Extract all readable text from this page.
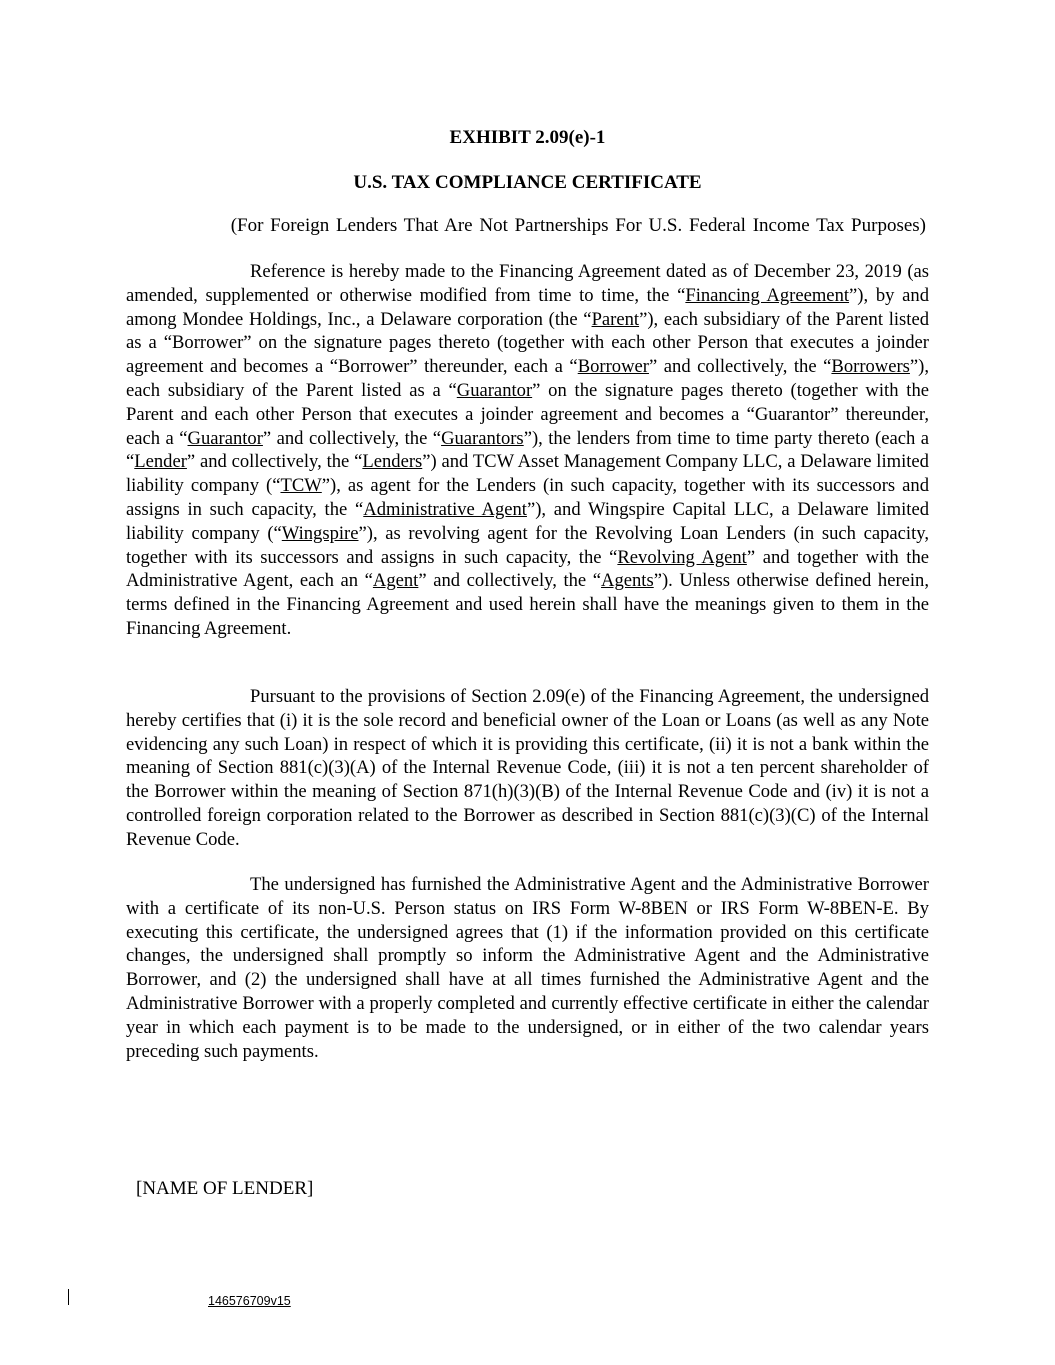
EXHIBIT 2.09(e)-1
U.S. TAX COMPLIANCE CERTIFICATE
(For Foreign Lenders That Are Not Partnerships For U.S. Federal Income Tax Purposes)
Reference is hereby made to the Financing Agreement dated as of December 23, 2019 (as amended, supplemented or otherwise modified from time to time, the “Financing Agreement”), by and among Mondee Holdings, Inc., a Delaware corporation (the “Parent”), each subsidiary of the Parent listed as a “Borrower” on the signature pages thereto (together with each other Person that executes a joinder agreement and becomes a “Borrower” thereunder, each a “Borrower” and collectively, the “Borrowers”), each subsidiary of the Parent listed as a “Guarantor” on the signature pages thereto (together with the Parent and each other Person that executes a joinder agreement and becomes a “Guarantor” thereunder, each a “Guarantor” and collectively, the “Guarantors”), the lenders from time to time party thereto (each a “Lender” and collectively, the “Lenders”) and TCW Asset Management Company LLC, a Delaware limited liability company (“TCW”), as agent for the Lenders (in such capacity, together with its successors and assigns in such capacity, the “Administrative Agent”), and Wingspire Capital LLC, a Delaware limited liability company (“Wingspire”), as revolving agent for the Revolving Loan Lenders (in such capacity, together with its successors and assigns in such capacity, the “Revolving Agent” and together with the Administrative Agent, each an “Agent” and collectively, the “Agents”). Unless otherwise defined herein, terms defined in the Financing Agreement and used herein shall have the meanings given to them in the Financing Agreement.
Pursuant to the provisions of Section 2.09(e) of the Financing Agreement, the undersigned hereby certifies that (i) it is the sole record and beneficial owner of the Loan or Loans (as well as any Note evidencing any such Loan) in respect of which it is providing this certificate, (ii) it is not a bank within the meaning of Section 881(c)(3)(A) of the Internal Revenue Code, (iii) it is not a ten percent shareholder of the Borrower within the meaning of Section 871(h)(3)(B) of the Internal Revenue Code and (iv) it is not a controlled foreign corporation related to the Borrower as described in Section 881(c)(3)(C) of the Internal Revenue Code.
The undersigned has furnished the Administrative Agent and the Administrative Borrower with a certificate of its non-U.S. Person status on IRS Form W-8BEN or IRS Form W-8BEN-E. By executing this certificate, the undersigned agrees that (1) if the information provided on this certificate changes, the undersigned shall promptly so inform the Administrative Agent and the Administrative Borrower, and (2) the undersigned shall have at all times furnished the Administrative Agent and the Administrative Borrower with a properly completed and currently effective certificate in either the calendar year in which each payment is to be made to the undersigned, or in either of the two calendar years preceding such payments.
[NAME OF LENDER]
146576709v15
